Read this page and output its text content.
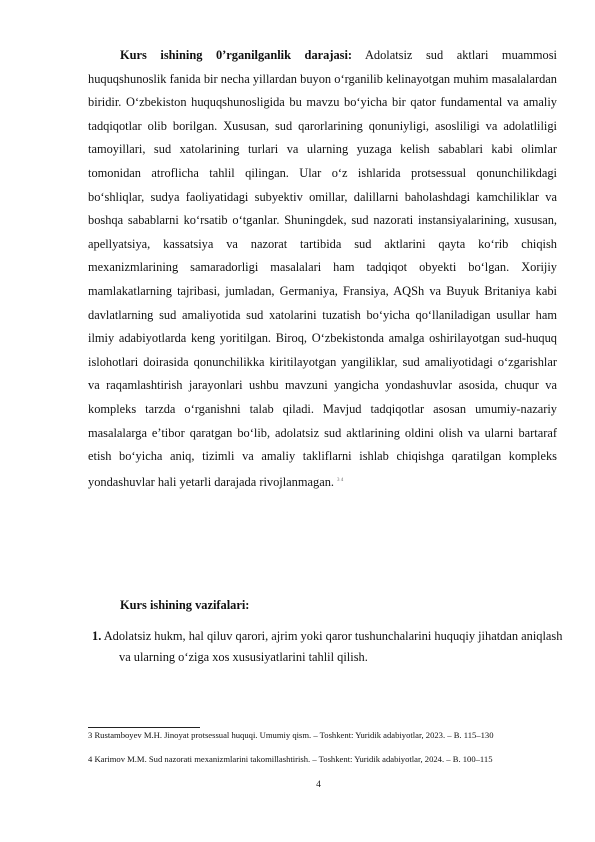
Kurs ishining 0’rganilganlik darajasi: Adolatsiz sud aktlari muammosi huquqshunoslik fanida bir necha yillardan buyon o‘rganilib kelinayotgan muhim masalalardan biridir. O‘zbekiston huquqshunosligida bu mavzu bo‘yicha bir qator fundamental va amaliy tadqiqotlar olib borilgan. Xususan, sud qarorlarining qonuniyligi, asosliligi va adolatliligi tamoyillari, sud xatolarining turlari va ularning yuzaga kelish sabablari kabi olimlar tomonidan atroflicha tahlil qilingan. Ular o‘z ishlarida protsessual qonunchilikdagi bo‘shliqlar, sudya faoliyatidagi subyektiv omillar, dalillarni baholashdagi kamchiliklar va boshqa sabablarni ko‘rsatib o‘tganlar. Shuningdek, sud nazorati instansiyalarining, xususan, apellyatsiya, kassatsiya va nazorat tartibida sud aktlarini qayta ko‘rib chiqish mexanizmlarining samaradorligi masalalari ham tadqiqot obyekti bo‘lgan. Xorijiy mamlakatlarning tajribasi, jumladan, Germaniya, Fransiya, AQSh va Buyuk Britaniya kabi davlatlarning sud amaliyotida sud xatolarini tuzatish bo‘yicha qo‘llaniladigan usullar ham ilmiy adabiyotlarda keng yoritilgan. Biroq, O‘zbekistonda amalga oshirilayotgan sud-huquq islohotlari doirasida qonunchilikka kiritilayotgan yangiliklar, sud amaliyotidagi o‘zgarishlar va raqamlashtirish jarayonlari ushbu mavzuni yangicha yondashuvlar asosida, chuqur va kompleks tarzda o‘rganishni talab qiladi. Mavjud tadqiqotlar asosan umumiy-nazariy masalalarga e’tibor qaratgan bo‘lib, adolatsiz sud aktlarining oldini olish va ularni bartaraf etish bo‘yicha aniq, tizimli va amaliy takliflarni ishlab chiqishga qaratilgan kompleks yondashuvlar hali yetarli darajada rivojlanmagan. $^{3 4}$

Kurs ishining vazifalari:

1. Adolatsiz hukm, hal qiluv qarori, ajrim yoki qaror tushunchalarini huquqiy jihatdan aniqlash va ularning o‘ziga xos xususiyatlarini tahlil qilish.

3 Rustamboyev M.H. Jinoyat protsessual huquqi. Umumiy qism. – Toshkent: Yuridik adabiyotlar, 2023. – B. 115–130

4 Karimov M.M. Sud nazorati mexanizmlarini takomillashtirish. – Toshkent: Yuridik adabiyotlar, 2024. – B. 100–115

4
